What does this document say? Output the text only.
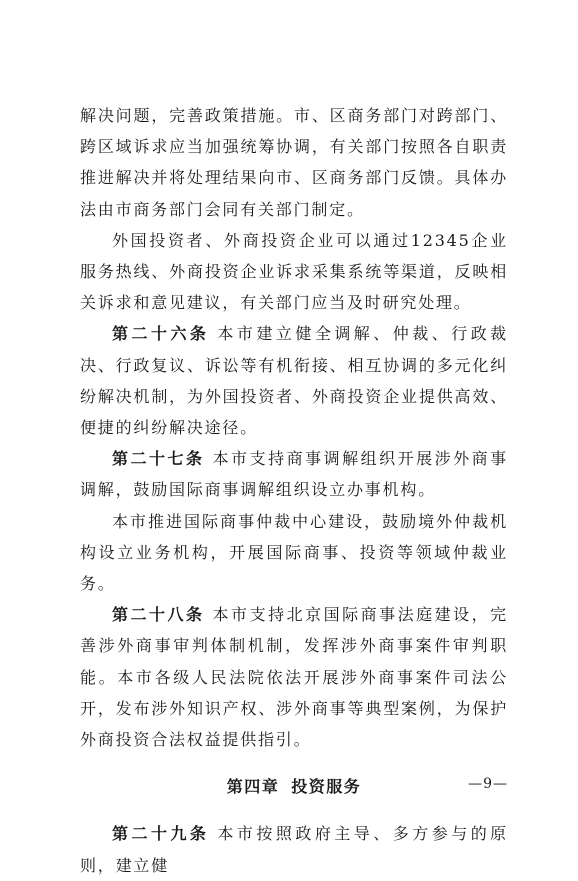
解决问题，完善政策措施。市、区商务部门对跨部门、跨区域诉求应当加强统筹协调，有关部门按照各自职责推进解决并将处理结果向市、区商务部门反馈。具体办法由市商务部门会同有关部门制定。

外国投资者、外商投资企业可以通过12345企业服务热线、外商投资企业诉求采集系统等渠道，反映相关诉求和意见建议，有关部门应当及时研究处理。

第二十六条 本市建立健全调解、仲裁、行政裁决、行政复议、诉讼等有机衔接、相互协调的多元化纠纷解决机制，为外国投资者、外商投资企业提供高效、便捷的纠纷解决途径。

第二十七条 本市支持商事调解组织开展涉外商事调解，鼓励国际商事调解组织设立办事机构。

本市推进国际商事仲裁中心建设，鼓励境外仲裁机构设立业务机构，开展国际商事、投资等领域仲裁业务。

第二十八条 本市支持北京国际商事法庭建设，完善涉外商事审判体制机制，发挥涉外商事案件审判职能。本市各级人民法院依法开展涉外商事案件司法公开，发布涉外知识产权、涉外商事等典型案例，为保护外商投资合法权益提供指引。

第四章 投资服务

第二十九条 本市按照政府主导、多方参与的原则，建立健

—9—
